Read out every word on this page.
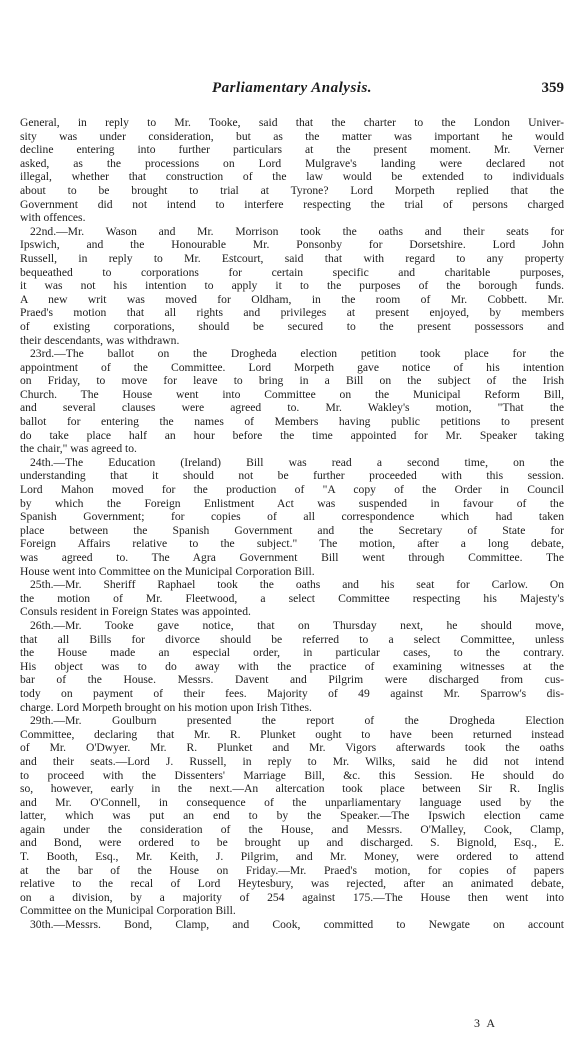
Parliamentary Analysis.	359
General, in reply to Mr. Tooke, said that the charter to the London Univer-
sity was under consideration, but as the matter was important he would
decline entering into further particulars at the present moment. Mr. Verner
asked, as the processions on Lord Mulgrave's landing were declared not
illegal, whether that construction of the law would be extended to individuals
about to be brought to trial at Tyrone? Lord Morpeth replied that the
Government did not intend to interfere respecting the trial of persons charged
with offences.
22nd.—Mr. Wason and Mr. Morrison took the oaths and their seats for
Ipswich, and the Honourable Mr. Ponsonby for Dorsetshire. Lord John
Russell, in reply to Mr. Estcourt, said that with regard to any property
bequeathed to corporations for certain specific and charitable purposes,
it was not his intention to apply it to the purposes of the borough funds.
A new writ was moved for Oldham, in the room of Mr. Cobbett. Mr.
Praed's motion that all rights and privileges at present enjoyed, by members
of existing corporations, should be secured to the present possessors and
their descendants, was withdrawn.
23rd.—The ballot on the Drogheda election petition took place for the
appointment of the Committee. Lord Morpeth gave notice of his intention
on Friday, to move for leave to bring in a Bill on the subject of the Irish
Church. The House went into Committee on the Municipal Reform Bill,
and several clauses were agreed to. Mr. Wakley's motion, "That the
ballot for entering the names of Members having public petitions to present
do take place half an hour before the time appointed for Mr. Speaker taking
the chair," was agreed to.
24th.—The Education (Ireland) Bill was read a second time, on the
understanding that it should not be further proceeded with this session.
Lord Mahon moved for the production of "A copy of the Order in Council
by which the Foreign Enlistment Act was suspended in favour of the
Spanish Government; for copies of all correspondence which had taken
place between the Spanish Government and the Secretary of State for
Foreign Affairs relative to the subject." The motion, after a long debate,
was agreed to. The Agra Government Bill went through Committee. The
House went into Committee on the Municipal Corporation Bill.
25th.—Mr. Sheriff Raphael took the oaths and his seat for Carlow. On
the motion of Mr. Fleetwood, a select Committee respecting his Majesty's
Consuls resident in Foreign States was appointed.
26th.—Mr. Tooke gave notice, that on Thursday next, he should move,
that all Bills for divorce should be referred to a select Committee, unless
the House made an especial order, in particular cases, to the contrary.
His object was to do away with the practice of examining witnesses at the
bar of the House. Messrs. Davent and Pilgrim were discharged from cus-
tody on payment of their fees. Majority of 49 against Mr. Sparrow's dis-
charge. Lord Morpeth brought on his motion upon Irish Tithes.
29th.—Mr. Goulburn presented the report of the Drogheda Election
Committee, declaring that Mr. R. Plunket ought to have been returned instead
of Mr. O'Dwyer. Mr. R. Plunket and Mr. Vigors afterwards took the oaths
and their seats.—Lord J. Russell, in reply to Mr. Wilks, said he did not intend
to proceed with the Dissenters' Marriage Bill, &c. this Session. He should do
so, however, early in the next.—An altercation took place between Sir R. Inglis
and Mr. O'Connell, in consequence of the unparliamentary language used by the
latter, which was put an end to by the Speaker.—The Ipswich election came
again under the consideration of the House, and Messrs. O'Malley, Cook, Clamp,
and Bond, were ordered to be brought up and discharged. S. Bignold, Esq., E.
T. Booth, Esq., Mr. Keith, J. Pilgrim, and Mr. Money, were ordered to attend
at the bar of the House on Friday.—Mr. Praed's motion, for copies of papers
relative to the recal of Lord Heytesbury, was rejected, after an animated debate,
on a division, by a majority of 254 against 175.—The House then went into
Committee on the Municipal Corporation Bill.
30th.—Messrs. Bond, Clamp, and Cook, committed to Newgate on account
3 A
